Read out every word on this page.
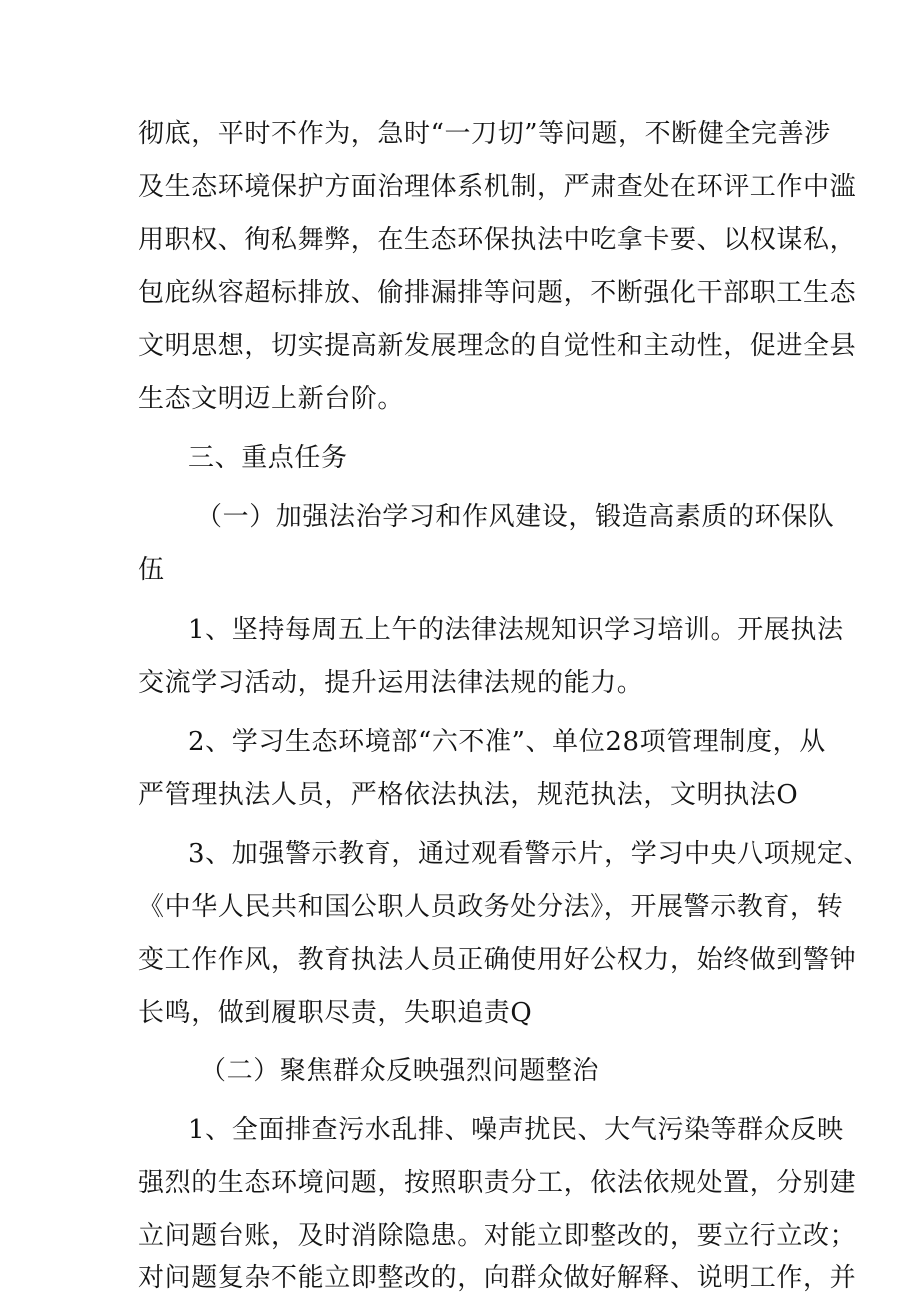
彻底，平时不作为，急时“一刀切”等问题，不断健全完善涉

及生态环境保护方面治理体系机制，严肃查处在环评工作中滥

用职权、徇私舞弊，在生态环保执法中吃拿卡要、以权谋私，

包庇纵容超标排放、偷排漏排等问题，不断强化干部职工生态

文明思想，切实提高新发展理念的自觉性和主动性，促进全县

生态文明迈上新台阶。

三、重点任务

（一）加强法治学习和作风建设，锻造高素质的环保队

伍

1、坚持每周五上午的法律法规知识学习培训。开展执法

交流学习活动，提升运用法律法规的能力。

2、学习生态环境部“六不准”、单位28项管理制度，从

严管理执法人员，严格依法执法，规范执法，文明执法O

3、加强警示教育，通过观看警示片，学习中央八项规定、

《中华人民共和国公职人员政务处分法》，开展警示教育，转

变工作作风，教育执法人员正确使用好公权力，始终做到警钟

长鸣，做到履职尽责，失职追责Q

（二）聚焦群众反映强烈问题整治

1、全面排查污水乱排、噪声扰民、大气污染等群众反映

强烈的生态环境问题，按照职责分工，依法依规处置，分别建

立问题台账，及时消除隐患。对能立即整改的，要立行立改；

对问题复杂不能立即整改的，向群众做好解释、说明工作，并
